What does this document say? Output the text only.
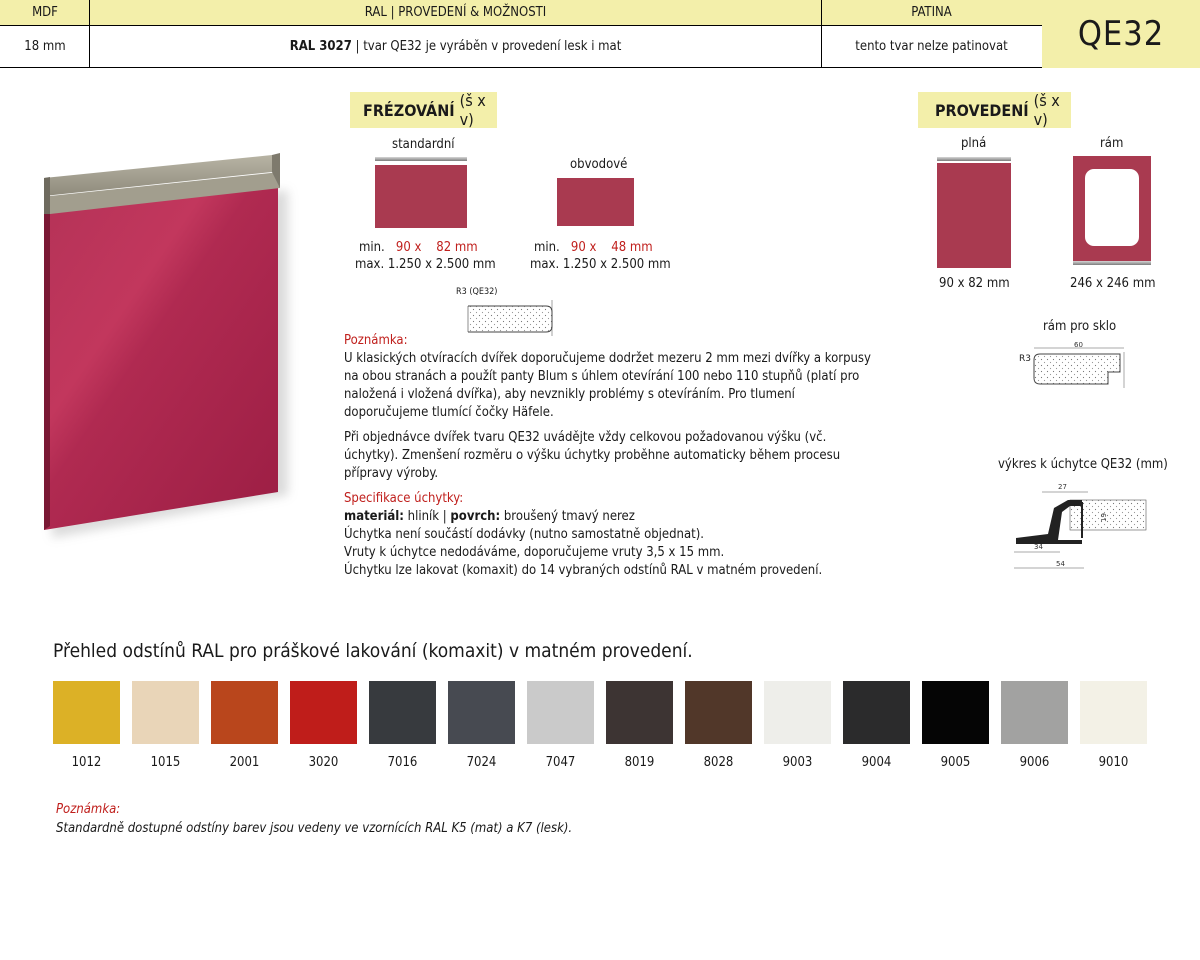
MDF	RAL | PROVEDENÍ & MOŽNOSTI	PATINA
18 mm	RAL 3027 | tvar QE32 je vyráběn v provedení lesk i mat	tento tvar nelze patinovat	QE32
FRÉZOVÁNÍ (š x v)
standardní
obvodové
min. 90 x    82 mm
max. 1.250 x 2.500 mm
min. 90 x    48 mm
max. 1.250 x 2.500 mm
R3 (QE32)
PROVEDENÍ (š x v)
plná	rám
90 x 82 mm	246 x 246 mm
rám pro sklo
60
R3
výkres k úchytce QE32 (mm)
27
19
34
54

Poznámka:

U klasických otvíracích dvířek doporučujeme dodržet mezeru 2 mm mezi dvířky a korpusy na obou stranách a použít panty Blum s úhlem otevírání 100 nebo 110 stupňů (platí pro naložená i vložená dvířka), aby nevznikly problémy s otevíráním. Pro tlumení doporučujeme tlumící čočky Häfele.

Při objednávce dvířek tvaru QE32 uvádějte vždy celkovou požadovanou výšku (vč. úchytky). Zmenšení rozměru o výšku úchytky proběhne automaticky během procesu přípravy výroby.

Specifikace úchytky:

materiál: hliník | povrch: broušený tmavý nerez

Úchytka není součástí dodávky (nutno samostatně objednat).

Vruty k úchytce nedodáváme, doporučujeme vruty 3,5 x 15 mm.

Úchytku lze lakovat (komaxit) do 14 vybraných odstínů RAL v matném provedení.

Přehled odstínů RAL pro práškové lakování (komaxit) v matném provedení.
1012	1015	2001	3020	7016	7024	7047	8019	8028	9003	9004	9005	9006	9010
Poznámka:
Standardně dostupné odstíny barev jsou vedeny ve vzornících RAL K5 (mat) a K7 (lesk).
